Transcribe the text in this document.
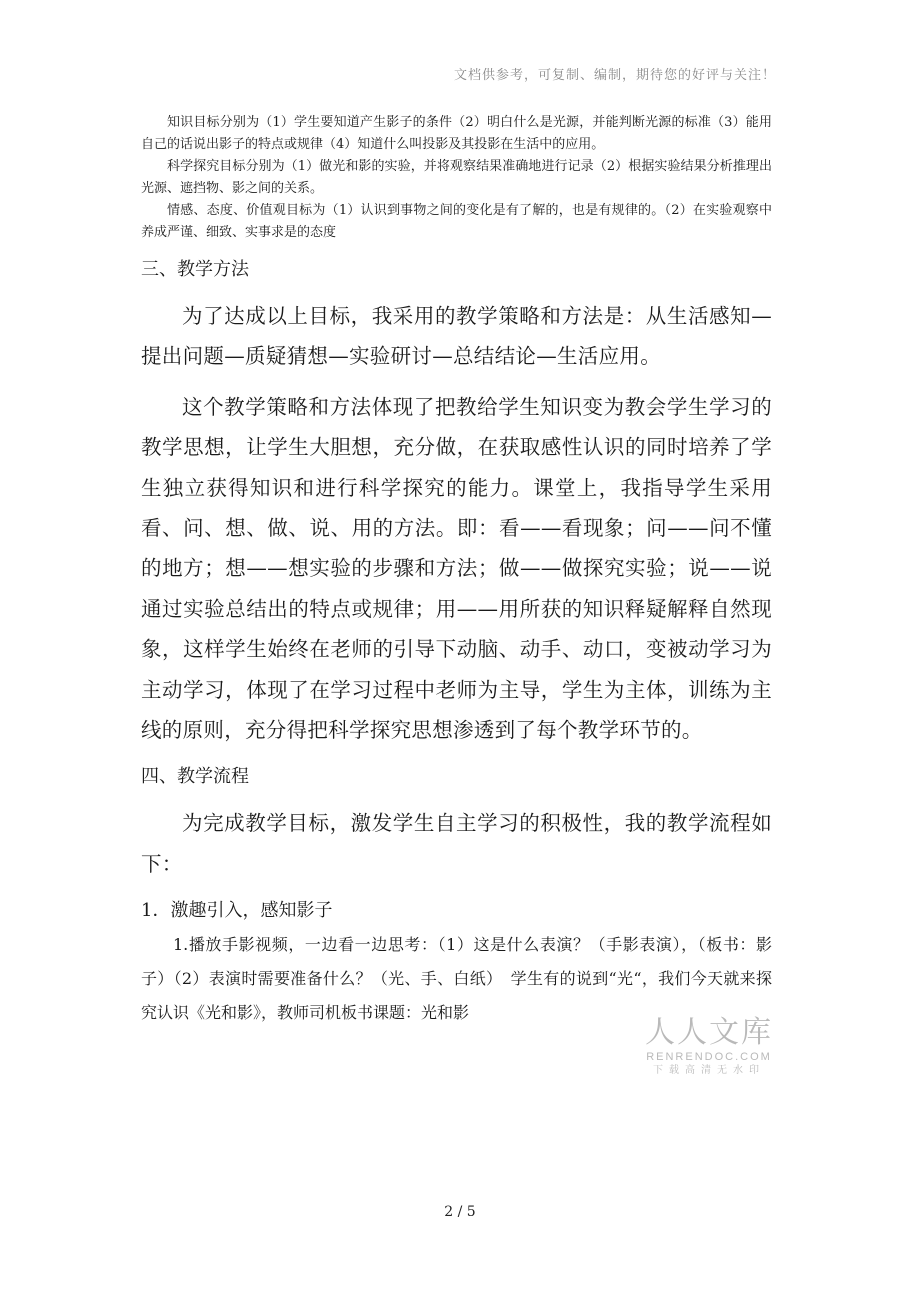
文档供参考，可复制、编制，期待您的好评与关注！

知识目标分别为（1）学生要知道产生影子的条件（2）明白什么是光源，并能判断光源的标准（3）能用自己的话说出影子的特点或规律（4）知道什么叫投影及其投影在生活中的应用。

科学探究目标分别为（1）做光和影的实验，并将观察结果准确地进行记录（2）根据实验结果分析推理出光源、遮挡物、影之间的关系。

情感、态度、价值观目标为（1）认识到事物之间的变化是有了解的，也是有规律的。（2）在实验观察中养成严谨、细致、实事求是的态度

三、教学方法

为了达成以上目标，我采用的教学策略和方法是：从生活感知—提出问题—质疑猜想—实验研讨—总结结论—生活应用。

这个教学策略和方法体现了把教给学生知识变为教会学生学习的教学思想，让学生大胆想，充分做，在获取感性认识的同时培养了学生独立获得知识和进行科学探究的能力。课堂上，我指导学生采用看、问、想、做、说、用的方法。即：看——看现象；问——问不懂的地方；想——想实验的步骤和方法；做——做探究实验；说——说通过实验总结出的特点或规律；用——用所获的知识释疑解释自然现象，这样学生始终在老师的引导下动脑、动手、动口，变被动学习为主动学习，体现了在学习过程中老师为主导，学生为主体，训练为主线的原则，充分得把科学探究思想渗透到了每个教学环节的。

四、教学流程

为完成教学目标，激发学生自主学习的积极性，我的教学流程如下：

1．激趣引入，感知影子

1.播放手影视频，一边看一边思考：（1）这是什么表演？（手影表演），（板书：影子）（2）表演时需要准备什么？（光、手、白纸）　学生有的说到“光“，我们今天就来探究认识《光和影》，教师司机板书课题：光和影

人人文库
RENRENDOC.COM
下载高清无水印
2 / 5
